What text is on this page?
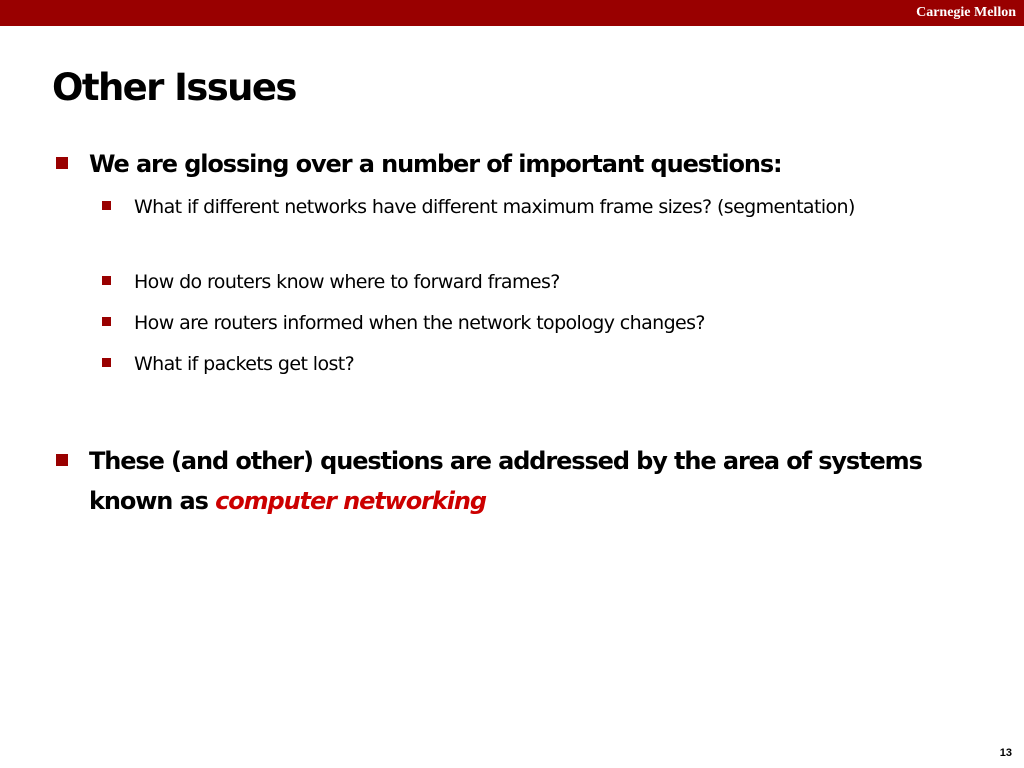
Carnegie Mellon
Other Issues
We are glossing over a number of important questions:
What if different networks have different maximum frame sizes? (segmentation)
How do routers know where to forward frames?
How are routers informed when the network topology changes?
What if packets get lost?
These (and other) questions are addressed by the area of systems known as computer networking
13
